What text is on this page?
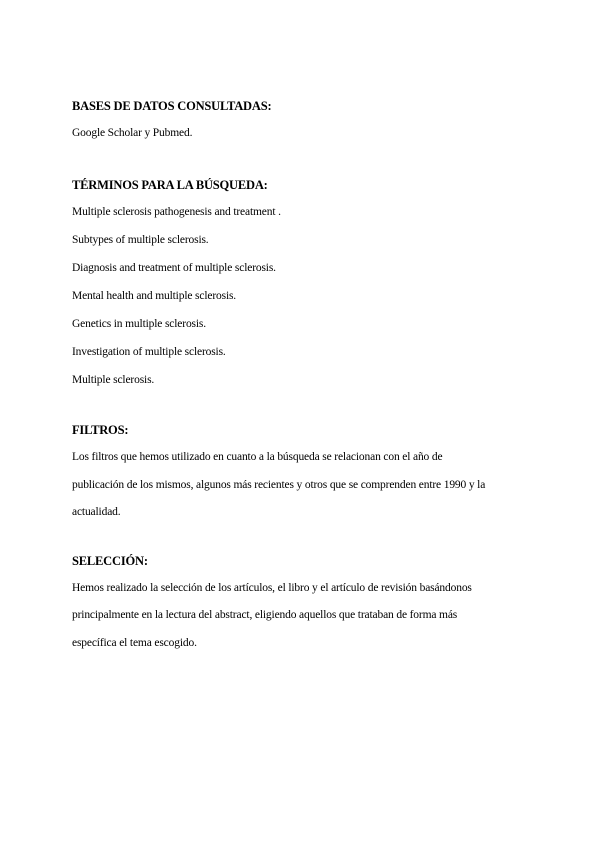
BASES DE DATOS CONSULTADAS:
Google Scholar y Pubmed.
TÉRMINOS PARA LA BÚSQUEDA:
Multiple sclerosis pathogenesis and treatment .
Subtypes of multiple sclerosis.
Diagnosis and treatment of multiple sclerosis.
Mental health and multiple sclerosis.
Genetics in multiple sclerosis.
Investigation of multiple sclerosis.
Multiple sclerosis.
FILTROS:
Los filtros que hemos utilizado en cuanto a la búsqueda se relacionan con el año de
publicación de los mismos, algunos más recientes y otros que se comprenden entre 1990 y la
actualidad.
SELECCIÓN:
Hemos realizado la selección de los artículos, el libro y el artículo de revisión basándonos
principalmente en la lectura del abstract, eligiendo aquellos que trataban de forma más
específica el tema escogido.
